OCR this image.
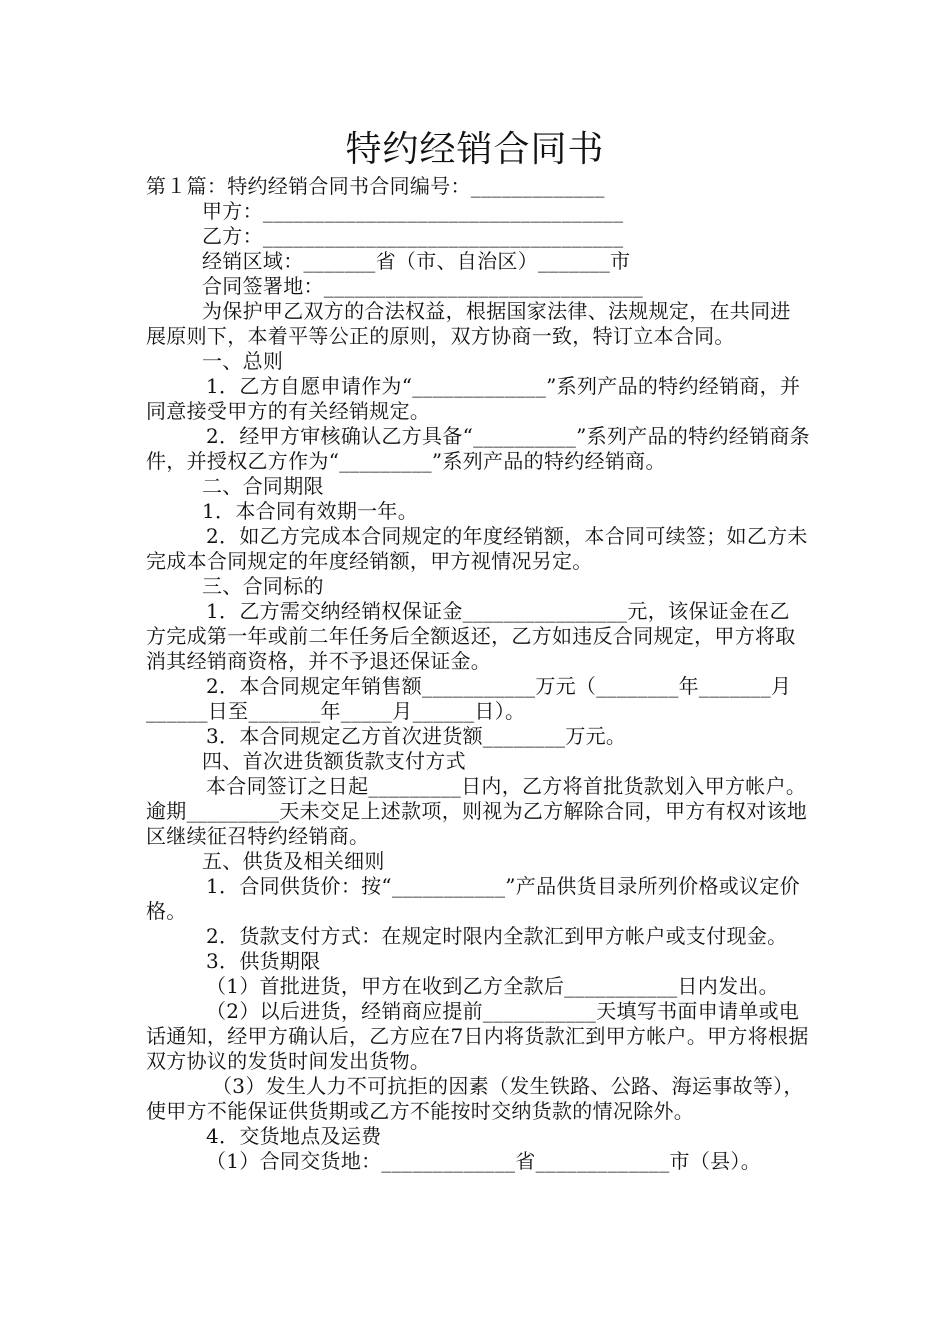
特约经销合同书

第１篇：特约经销合同书合同编号：_____________

甲方：___________________________________

乙方：___________________________________

经销区域：_______省（市、自治区）_______市

合同签署地：_______________________________

为保护甲乙双方的合法权益，根据国家法律、法规规定，在共同进展原则下，本着平等公正的原则，双方协商一致，特订立本合同。

一、总则

1．乙方自愿申请作为“_____________”系列产品的特约经销商，并同意接受甲方的有关经销规定。

2．经甲方审核确认乙方具备“__________”系列产品的特约经销商条件，并授权乙方作为“_________”系列产品的特约经销商。

二、合同期限

1．本合同有效期一年。

2．如乙方完成本合同规定的年度经销额，本合同可续签；如乙方未完成本合同规定的年度经销额，甲方视情况另定。

三、合同标的

1．乙方需交纳经销权保证金________________元，该保证金在乙方完成第一年或前二年任务后全额返还，乙方如违反合同规定，甲方将取消其经销商资格，并不予退还保证金。

2．本合同规定年销售额___________万元（________年_______月______日至_______年_____月______日）。

3．本合同规定乙方首次进货额________万元。

四、首次进货额货款支付方式

本合同签订之日起_________日内，乙方将首批货款划入甲方帐户。逾期_________天未交足上述款项，则视为乙方解除合同，甲方有权对该地区继续征召特约经销商。

五、供货及相关细则

1．合同供货价：按“___________”产品供货目录所列价格或议定价格。

2．货款支付方式：在规定时限内全款汇到甲方帐户或支付现金。

3．供货期限

（1）首批进货，甲方在收到乙方全款后___________日内发出。

（2）以后进货，经销商应提前___________天填写书面申请单或电话通知，经甲方确认后，乙方应在7日内将货款汇到甲方帐户。甲方将根据双方协议的发货时间发出货物。

（3）发生人力不可抗拒的因素（发生铁路、公路、海运事故等），使甲方不能保证供货期或乙方不能按时交纳货款的情况除外。

4．交货地点及运费

（1）合同交货地：_____________省_____________市（县）。
